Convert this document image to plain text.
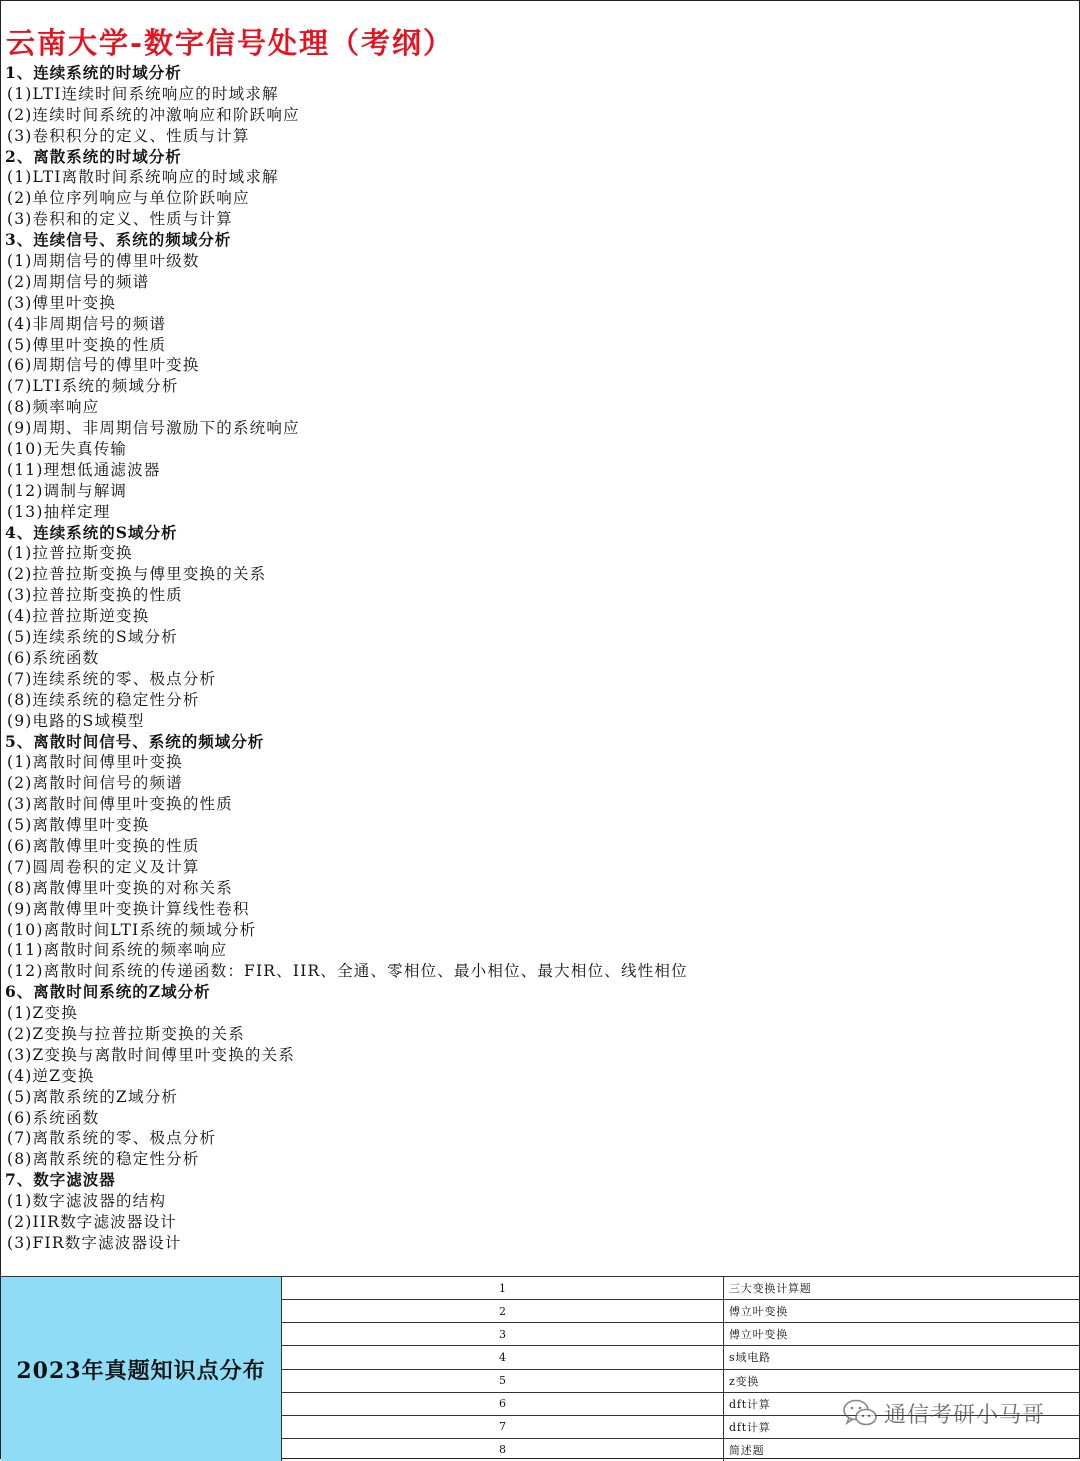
云南大学-数字信号处理（考纲）
1、连续系统的时域分析
(1)LTI连续时间系统响应的时域求解
(2)连续时间系统的冲激响应和阶跃响应
(3)卷积积分的定义、性质与计算
2、离散系统的时域分析
(1)LTI离散时间系统响应的时域求解
(2)单位序列响应与单位阶跃响应
(3)卷积和的定义、性质与计算
3、连续信号、系统的频域分析
(1)周期信号的傅里叶级数
(2)周期信号的频谱
(3)傅里叶变换
(4)非周期信号的频谱
(5)傅里叶变换的性质
(6)周期信号的傅里叶变换
(7)LTI系统的频域分析
(8)频率响应
(9)周期、非周期信号激励下的系统响应
(10)无失真传输
(11)理想低通滤波器
(12)调制与解调
(13)抽样定理
4、连续系统的S域分析
(1)拉普拉斯变换
(2)拉普拉斯变换与傅里变换的关系
(3)拉普拉斯变换的性质
(4)拉普拉斯逆变换
(5)连续系统的S域分析
(6)系统函数
(7)连续系统的零、极点分析
(8)连续系统的稳定性分析
(9)电路的S域模型
5、离散时间信号、系统的频域分析
(1)离散时间傅里叶变换
(2)离散时间信号的频谱
(3)离散时间傅里叶变换的性质
(5)离散傅里叶变换
(6)离散傅里叶变换的性质
(7)圆周卷积的定义及计算
(8)离散傅里叶变换的对称关系
(9)离散傅里叶变换计算线性卷积
(10)离散时间LTI系统的频域分析
(11)离散时间系统的频率响应
(12)离散时间系统的传递函数：FIR、IIR、全通、零相位、最小相位、最大相位、线性相位
6、离散时间系统的Z域分析
(1)Z变换
(2)Z变换与拉普拉斯变换的关系
(3)Z变换与离散时间傅里叶变换的关系
(4)逆Z变换
(5)离散系统的Z域分析
(6)系统函数
(7)离散系统的零、极点分析
(8)离散系统的稳定性分析
7、数字滤波器
(1)数字滤波器的结构
(2)IIR数字滤波器设计
(3)FIR数字滤波器设计
2023年真题知识点分布
1	三大变换计算题
2	傅立叶变换
3	傅立叶变换
4	s域电路
5	z变换
6	dft计算
7	dft计算
8	简述题
通信考研小马哥
